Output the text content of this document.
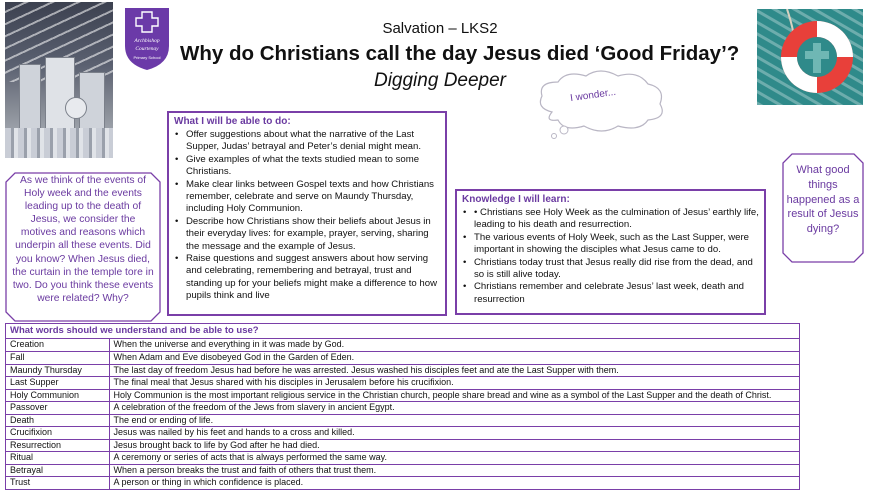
Archbishop
Courtenay
Primary School
Salvation – LKS2
Why do Christians call the day Jesus died ‘Good Friday’?
Digging Deeper
I wonder...
As we think of the events of Holy week and the events leading up to the death of Jesus, we consider the motives and reasons which underpin all these events. Did you know? When Jesus died, the curtain in the temple tore in two. Do you think these events were related? Why?
What good things happened as a result of Jesus dying?
What I will be able to do:
• Offer suggestions about what the narrative of the Last Supper, Judas’ betrayal and Peter’s denial might mean.
• Give examples of what the texts studied mean to some Christians.
• Make clear links between Gospel texts and how Christians remember, celebrate and serve on Maundy Thursday, including Holy Communion.
• Describe how Christians show their beliefs about Jesus in their everyday lives: for example, prayer, serving, sharing the message and the example of Jesus.
• Raise questions and suggest answers about how serving and celebrating, remembering and betrayal, trust and standing up for your beliefs might make a difference to how pupils think and live
Knowledge I will learn:
• • Christians see Holy Week as the culmination of Jesus’ earthly life, leading to his death and resurrection.
• The various events of Holy Week, such as the Last Supper, were important in showing the disciples what Jesus came to do.
• Christians today trust that Jesus really did rise from the dead, and so is still alive today.
• Christians remember and celebrate Jesus’ last week, death and resurrection
What words should we understand and be able to use?
Creation	When the universe and everything in it was made by God.
Fall	When Adam and Eve disobeyed God in the Garden of Eden.
Maundy Thursday	The last day of freedom Jesus had before he was arrested. Jesus washed his disciples feet and ate the Last Supper with them.
Last Supper	The final meal that Jesus shared with his disciples in Jerusalem before his crucifixion.
Holy Communion	Holy Communion is the most important religious service in the Christian church, people share bread and wine as a symbol of the Last Supper and the death of Christ.
Passover	A celebration of the freedom of the Jews from slavery in ancient Egypt.
Death	The end or ending of life.
Crucifixion	Jesus was nailed by his feet and hands to a cross and killed.
Resurrection	Jesus brought back to life by God after he had died.
Ritual	A ceremony or series of acts that is always performed the same way.
Betrayal	When a person breaks the trust and faith of others that trust them.
Trust	A person or thing in which confidence is placed.
